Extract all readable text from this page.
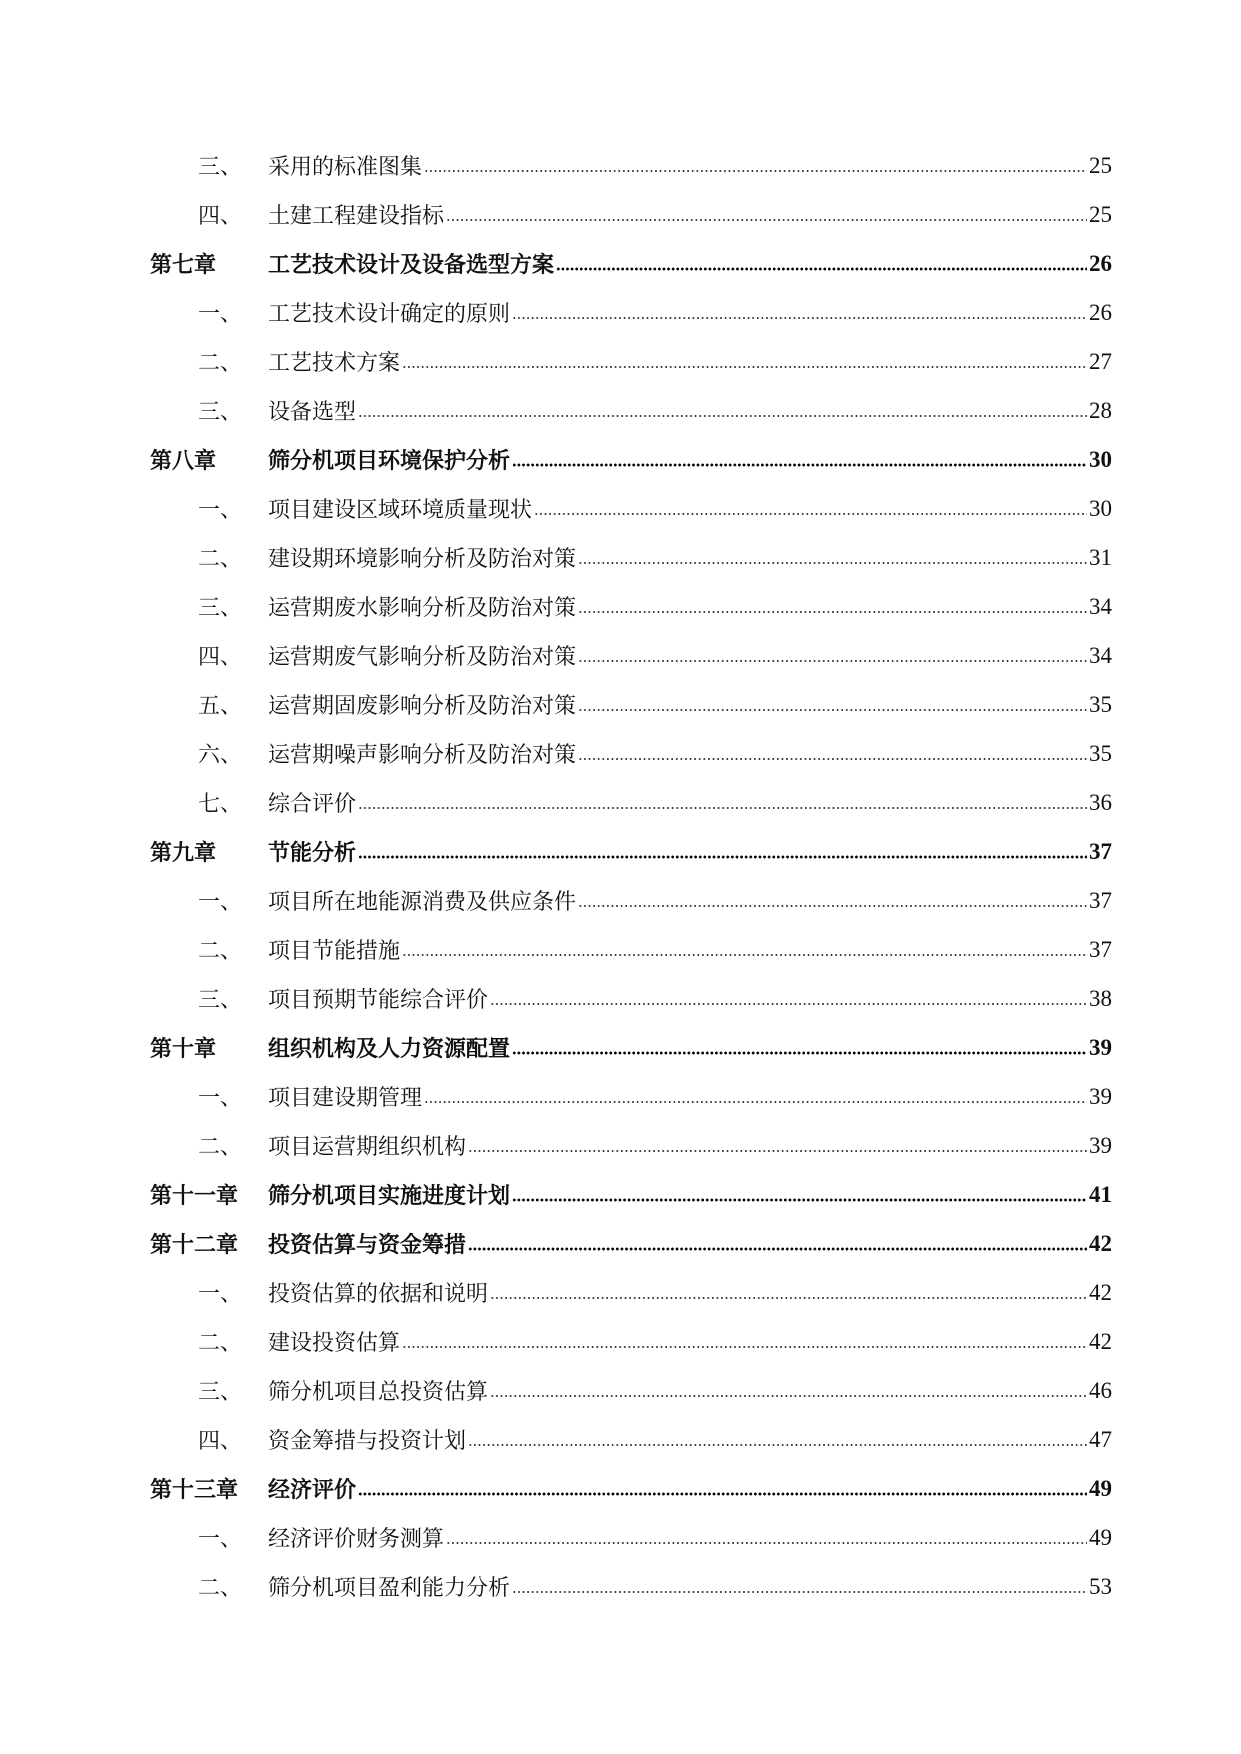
三、	采用的标准图集	25
四、	土建工程建设指标	25
第七章	工艺技术设计及设备选型方案	26
一、	工艺技术设计确定的原则	26
二、	工艺技术方案	27
三、	设备选型	28
第八章	筛分机项目环境保护分析	30
一、	项目建设区域环境质量现状	30
二、	建设期环境影响分析及防治对策	31
三、	运营期废水影响分析及防治对策	34
四、	运营期废气影响分析及防治对策	34
五、	运营期固废影响分析及防治对策	35
六、	运营期噪声影响分析及防治对策	35
七、	综合评价	36
第九章	节能分析	37
一、	项目所在地能源消费及供应条件	37
二、	项目节能措施	37
三、	项目预期节能综合评价	38
第十章	组织机构及人力资源配置	39
一、	项目建设期管理	39
二、	项目运营期组织机构	39
第十一章	筛分机项目实施进度计划	41
第十二章	投资估算与资金筹措	42
一、	投资估算的依据和说明	42
二、	建设投资估算	42
三、	筛分机项目总投资估算	46
四、	资金筹措与投资计划	47
第十三章	经济评价	49
一、	经济评价财务测算	49
二、	筛分机项目盈利能力分析	53
